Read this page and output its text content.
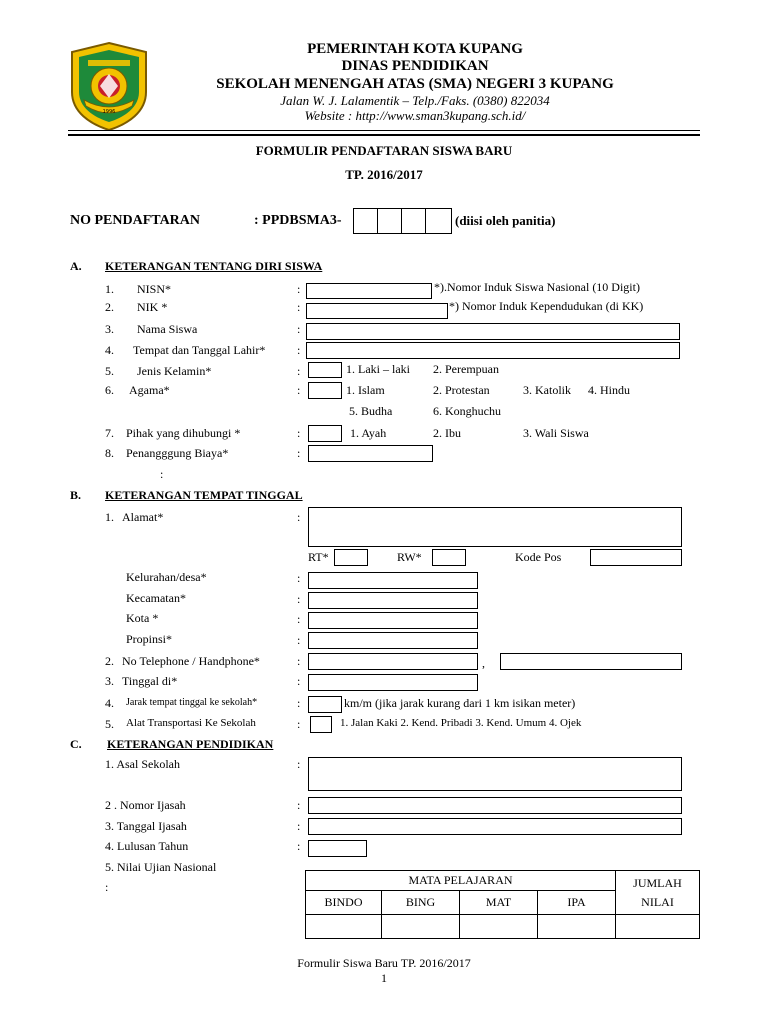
1996
PEMERINTAH KOTA KUPANG
DINAS PENDIDIKAN
SEKOLAH MENENGAH ATAS (SMA) NEGERI 3 KUPANG
Jalan W. J. Lalamentik – Telp./Faks. (0380) 822034
Website : http://www.sman3kupang.sch.id/
FORMULIR PENDAFTARAN SISWA BARU
TP. 2016/2017
NO PENDAFTARAN	: PPDBSMA3-	(diisi oleh panitia)
A. KETERANGAN TENTANG DIRI SISWA
1. NISN*	:	*).Nomor Induk Siswa Nasional (10 Digit)
2. NIK *	:	*) Nomor Induk Kependudukan (di KK)
3. Nama Siswa	:
4. Tempat dan Tanggal Lahir*	:
5. Jenis Kelamin*	:	1. Laki – laki 2. Perempuan
6. Agama*	:	1. Islam	2. Protestan	3. Katolik 4. Hindu
5. Budha	6. Konghuchu
7. Pihak yang dihubungi *	:	1. Ayah	2. Ibu	3. Wali Siswa
8. Penangggung Biaya*	:
:
B. KETERANGAN TEMPAT TINGGAL
1. Alamat*	:
RT*	RW*	Kode Pos
Kelurahan/desa*	:
Kecamatan*	:
Kota *	:
Propinsi*	:
2. No Telephone / Handphone*	:	,
3. Tinggal di*	:
4. Jarak tempat tinggal ke sekolah*	:	km/m (jika jarak kurang dari 1 km isikan meter)
5. Alat Transportasi Ke Sekolah	:	1. Jalan Kaki 2. Kend. Pribadi 3. Kend. Umum 4. Ojek
C. KETERANGAN PENDIDIKAN
1. Asal Sekolah	:
2 . Nomor Ijasah	:
3. Tanggal Ijasah	:
4. Lulusan Tahun	:
5. Nilai Ujian Nasional
:	MATA PELAJARAN				JUMLAH
NILAI
BINDO	BING	MAT	IPA	

Formulir Siswa Baru TP. 2016/2017
1
